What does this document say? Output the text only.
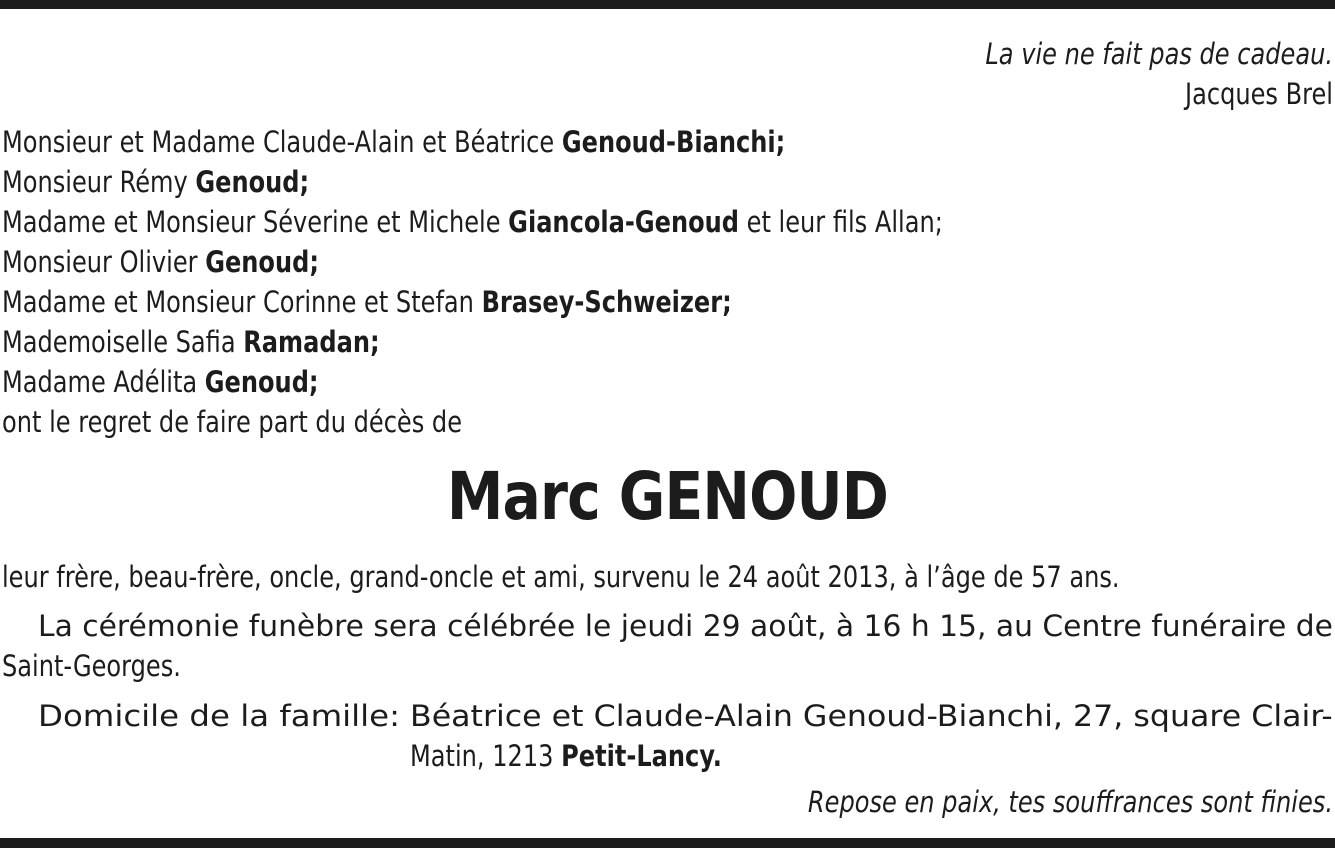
La vie ne fait pas de cadeau.
Jacques Brel
Monsieur et Madame Claude-Alain et Béatrice Genoud-Bianchi;
Monsieur Rémy Genoud;
Madame et Monsieur Séverine et Michele Giancola-Genoud et leur fils Allan;
Monsieur Olivier Genoud;
Madame et Monsieur Corinne et Stefan Brasey-Schweizer;
Mademoiselle Safia Ramadan;
Madame Adélita Genoud;
ont le regret de faire part du décès de
Marc GENOUD
leur frère, beau-frère, oncle, grand-oncle et ami, survenu le 24 août 2013, à l’âge de 57 ans.
La cérémonie funèbre sera célébrée le jeudi 29 août, à 16 h 15, au Centre funéraire de
Saint-Georges.
Domicile de la famille: Béatrice et Claude-Alain Genoud-Bianchi, 27, square Clair-
Matin, 1213 Petit-Lancy.
Repose en paix, tes souffrances sont finies.
